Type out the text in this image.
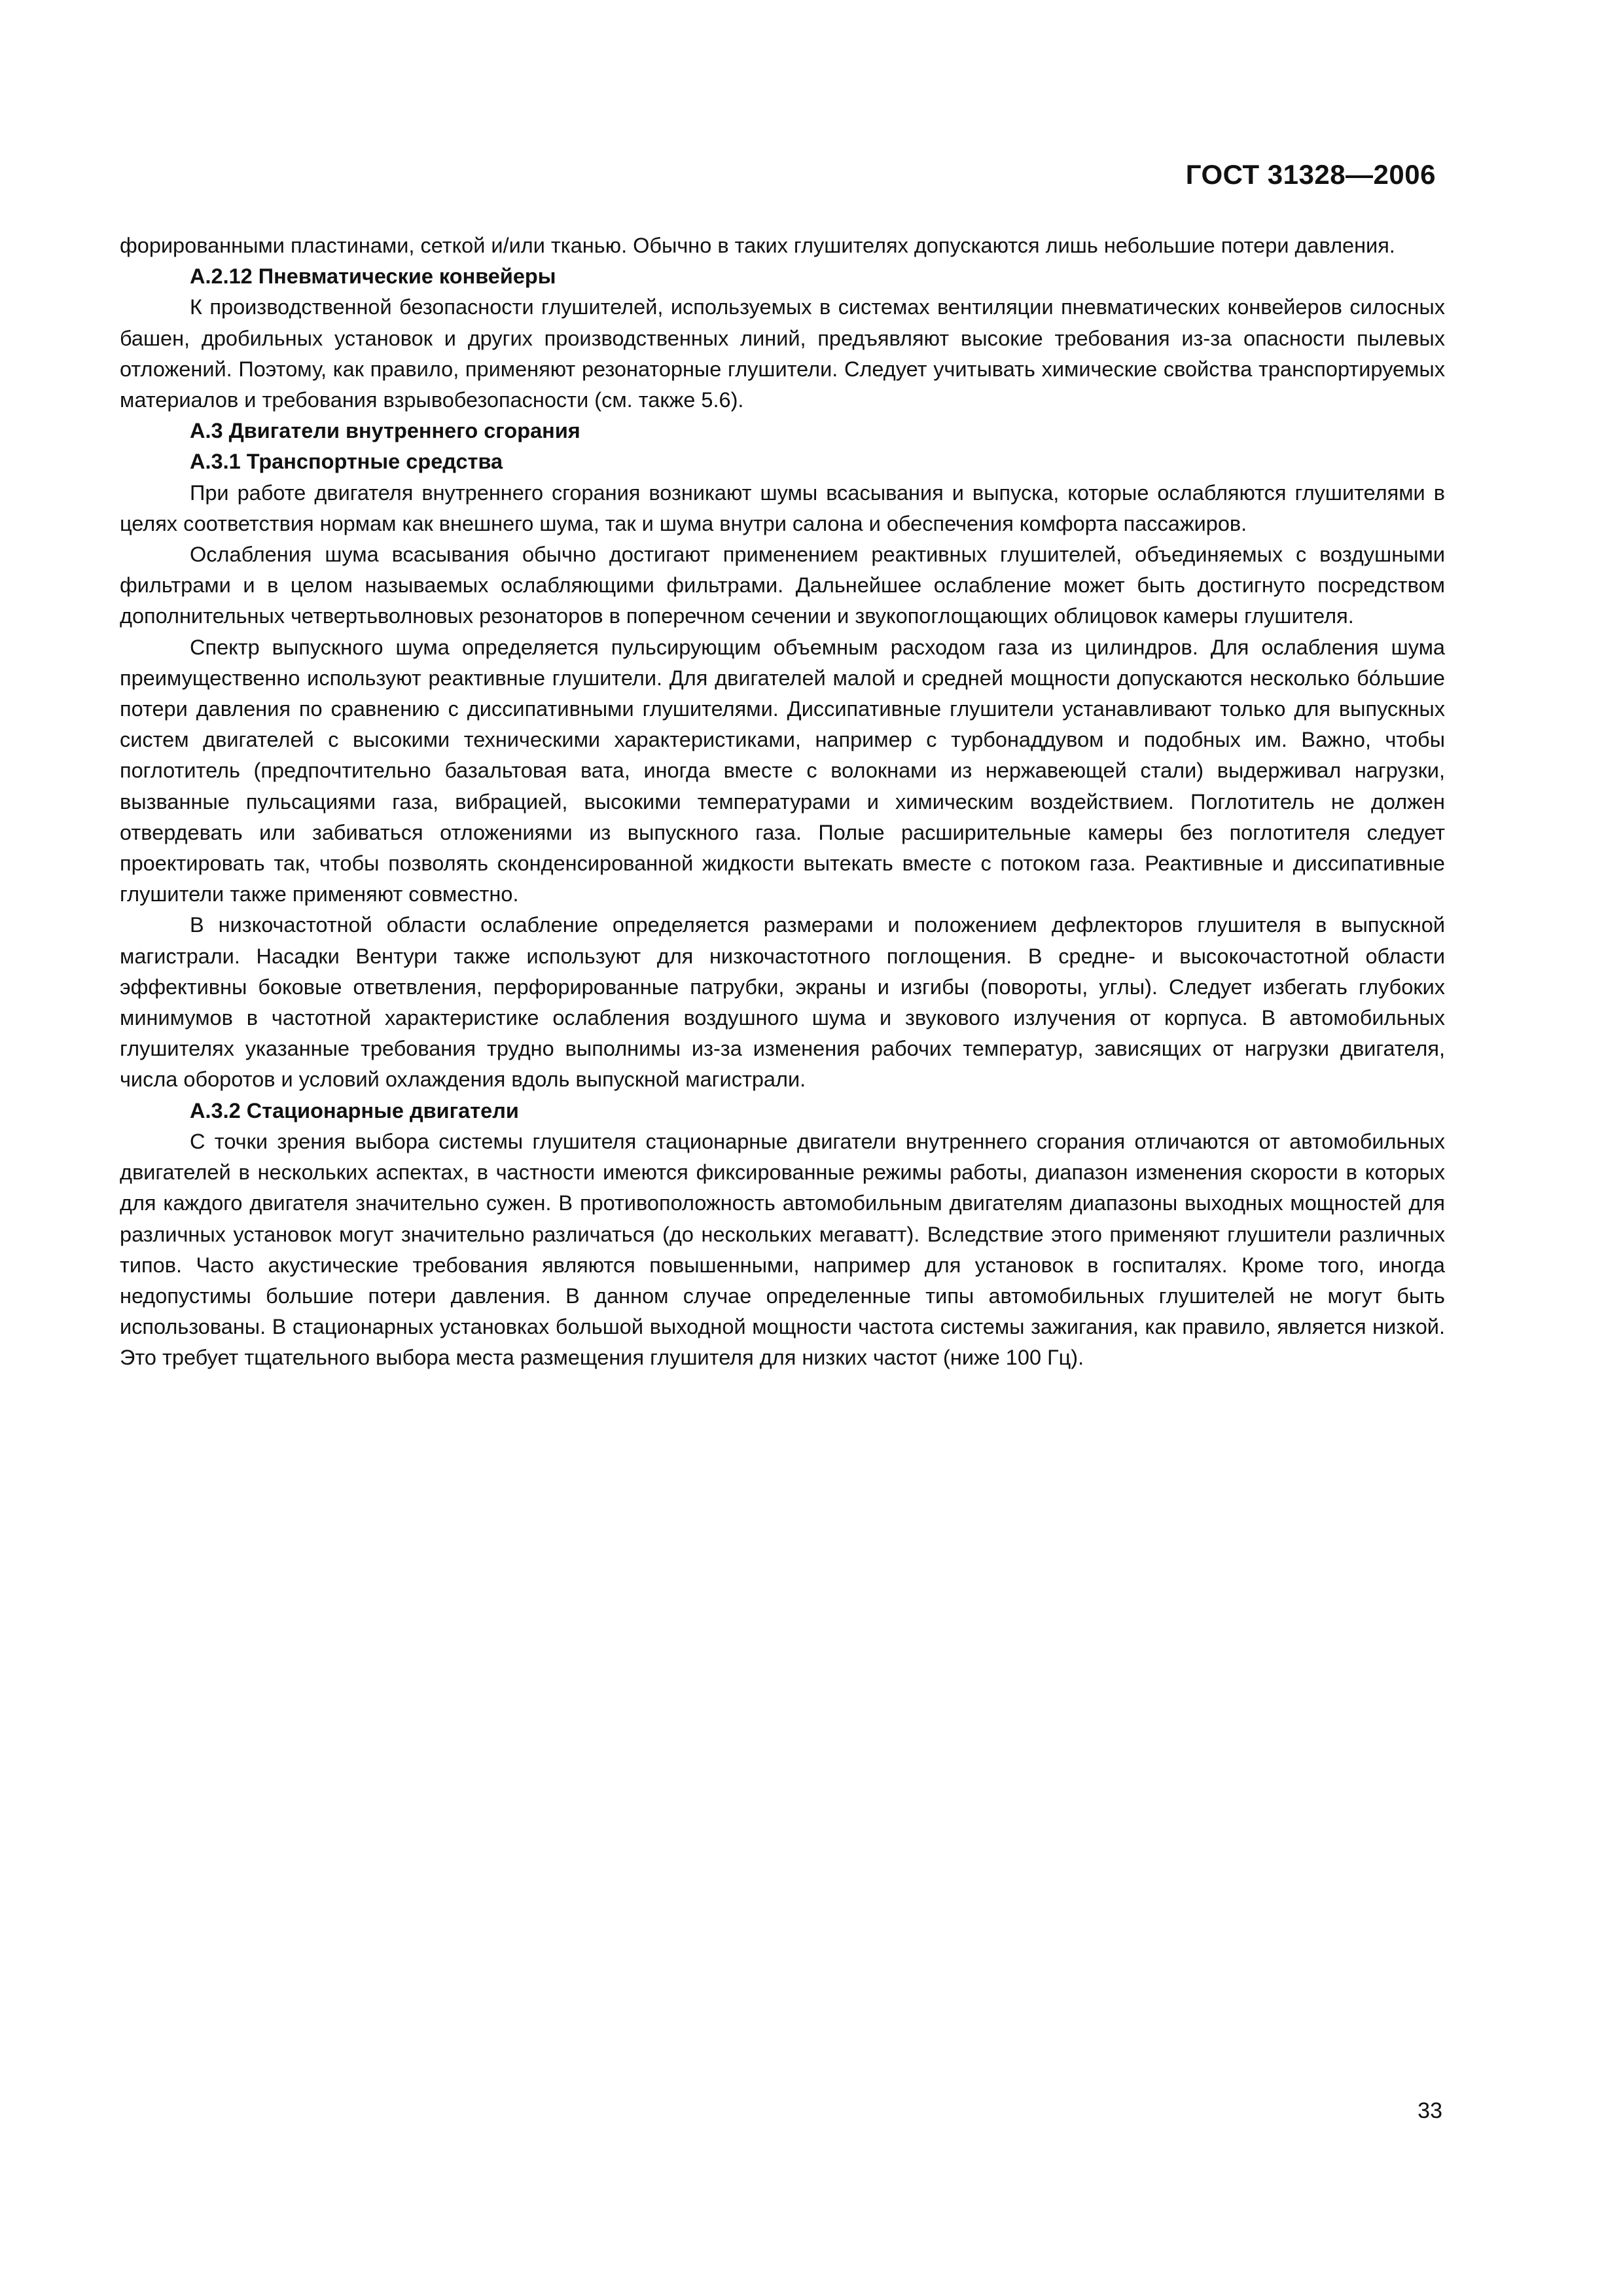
ГОСТ 31328—2006

форированными пластинами, сеткой и/или тканью. Обычно в таких глушителях допускаются лишь небольшие потери давления.

А.2.12 Пневматические конвейеры

К производственной безопасности глушителей, используемых в системах вентиляции пневматических конвейеров силосных башен, дробильных установок и других производственных линий, предъявляют высокие требования из-за опасности пылевых отложений. Поэтому, как правило, применяют резонаторные глушители. Следует учитывать химические свойства транспортируемых материалов и требования взрывобезопасности (см. также 5.6).

А.3 Двигатели внутреннего сгорания
А.3.1 Транспортные средства

При работе двигателя внутреннего сгорания возникают шумы всасывания и выпуска, которые ослабляются глушителями в целях соответствия нормам как внешнего шума, так и шума внутри салона и обеспечения комфорта пассажиров.

Ослабления шума всасывания обычно достигают применением реактивных глушителей, объединяемых с воздушными фильтрами и в целом называемых ослабляющими фильтрами. Дальнейшее ослабление может быть достигнуто посредством дополнительных четвертьволновых резонаторов в поперечном сечении и звукопоглощающих облицовок камеры глушителя.

Спектр выпускного шума определяется пульсирующим объемным расходом газа из цилиндров. Для ослабления шума преимущественно используют реактивные глушители. Для двигателей малой и средней мощности допускаются несколько бо́льшие потери давления по сравнению с диссипативными глушителями. Диссипативные глушители устанавливают только для выпускных систем двигателей с высокими техническими характеристиками, например с турбонаддувом и подобных им. Важно, чтобы поглотитель (предпочтительно базальтовая вата, иногда вместе с волокнами из нержавеющей стали) выдерживал нагрузки, вызванные пульсациями газа, вибрацией, высокими температурами и химическим воздействием. Поглотитель не должен отвердевать или забиваться отложениями из выпускного газа. Полые расширительные камеры без поглотителя следует проектировать так, чтобы позволять сконденсированной жидкости вытекать вместе с потоком газа. Реактивные и диссипативные глушители также применяют совместно.

В низкочастотной области ослабление определяется размерами и положением дефлекторов глушителя в выпускной магистрали. Насадки Вентури также используют для низкочастотного поглощения. В средне- и высокочастотной области эффективны боковые ответвления, перфорированные патрубки, экраны и изгибы (повороты, углы). Следует избегать глубоких минимумов в частотной характеристике ослабления воздушного шума и звукового излучения от корпуса. В автомобильных глушителях указанные требования трудно выполнимы из-за изменения рабочих температур, зависящих от нагрузки двигателя, числа оборотов и условий охлаждения вдоль выпускной магистрали.

А.3.2 Стационарные двигатели

С точки зрения выбора системы глушителя стационарные двигатели внутреннего сгорания отличаются от автомобильных двигателей в нескольких аспектах, в частности имеются фиксированные режимы работы, диапазон изменения скорости в которых для каждого двигателя значительно сужен. В противоположность автомобильным двигателям диапазоны выходных мощностей для различных установок могут значительно различаться (до нескольких мегаватт). Вследствие этого применяют глушители различных типов. Часто акустические требования являются повышенными, например для установок в госпиталях. Кроме того, иногда недопустимы большие потери давления. В данном случае определенные типы автомобильных глушителей не могут быть использованы. В стационарных установках большой выходной мощности частота системы зажигания, как правило, является низкой. Это требует тщательного выбора места размещения глушителя для низких частот (ниже 100 Гц).

33
